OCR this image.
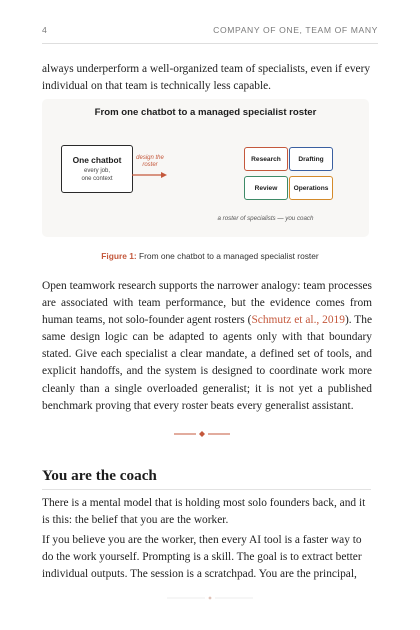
4	COMPANY OF ONE, TEAM OF MANY

always underperform a well-organized team of specialists, even if every individual on that team is technically less capable.

From one chatbot to a managed specialist roster
One chatbot
every job,
one context
design the
roster
Research	Drafting
Review Operations
a roster of specialists — you coach
Figure 1: From one chatbot to a managed specialist roster

Open teamwork research supports the narrower analogy: team processes are associated with team performance, but the evidence comes from human teams, not solo-founder agent rosters (Schmutz et al., 2019). The same design logic can be adapted to agents only with that boundary stated. Give each specialist a clear mandate, a defined set of tools, and explicit handoffs, and the system is designed to coordinate work more cleanly than a single overloaded generalist; it is not yet a published benchmark proving that every roster beats every generalist assistant.

You are the coach

There is a mental model that is holding most solo founders back, and it is this: the belief that you are the worker.

If you believe you are the worker, then every AI tool is a faster way to do the work yourself. Prompting is a skill. The goal is to extract better individual outputs. The session is a scratchpad. You are the principal,
